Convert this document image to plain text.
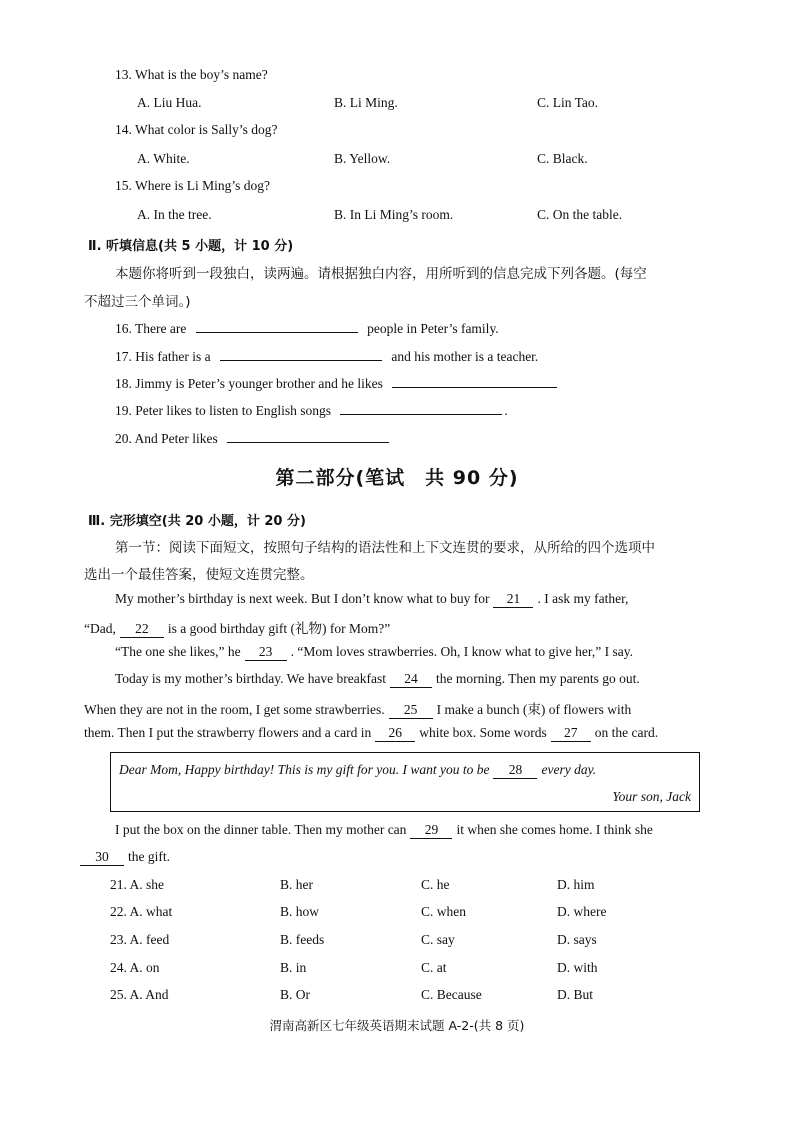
13. What is the boy’s name?
A. Liu Hua.	B. Li Ming.	C. Lin Tao.
14. What color is Sally’s dog?
A. White.	B. Yellow.	C. Black.
15. Where is Li Ming’s dog?
A. In the tree.	B. In Li Ming’s room.	C. On the table.
Ⅱ. 听填信息(共 5 小题，计 10 分)
本题你将听到一段独白，读两遍。请根据独白内容，用所听到的信息完成下列各题。(每空
不超过三个单词。)
16. There are	people in Peter’s family.
17. His father is a	and his mother is a teacher.
18. Jimmy is Peter’s younger brother and he likes
19. Peter likes to listen to English songs	.
20. And Peter likes
第二部分(笔试　共 90 分)
Ⅲ. 完形填空(共 20 小题，计 20 分)
第一节：阅读下面短文，按照句子结构的语法性和上下文连贯的要求，从所给的四个选项中
选出一个最佳答案，使短文连贯完整。
My mother’s birthday is next week. But I don’t know what to buy for 21 . I ask my father,
“Dad, 22 is a good birthday gift (礼物) for Mom?”
“The one she likes,” he 23 . “Mom loves strawberries. Oh, I know what to give her,” I say.
Today is my mother’s birthday. We have breakfast 24 the morning. Then my parents go out.
When they are not in the room, I get some strawberries. 25 I make a bunch (束) of flowers with
them. Then I put the strawberry flowers and a card in 26 white box. Some words 27 on the card.
Dear Mom, Happy birthday! This is my gift for you. I want you to be 28 every day.
Your son, Jack
I put the box on the dinner table. Then my mother can 29 it when she comes home. I think she
30 the gift.
21. A. she	B. her	C. he	D. him
22. A. what	B. how	C. when	D. where
23. A. feed	B. feeds	C. say	D. says
24. A. on	B. in	C. at	D. with
25. A. And	B. Or	C. Because	D. But
渭南高新区七年级英语期末试题 A-2-(共 8 页)
